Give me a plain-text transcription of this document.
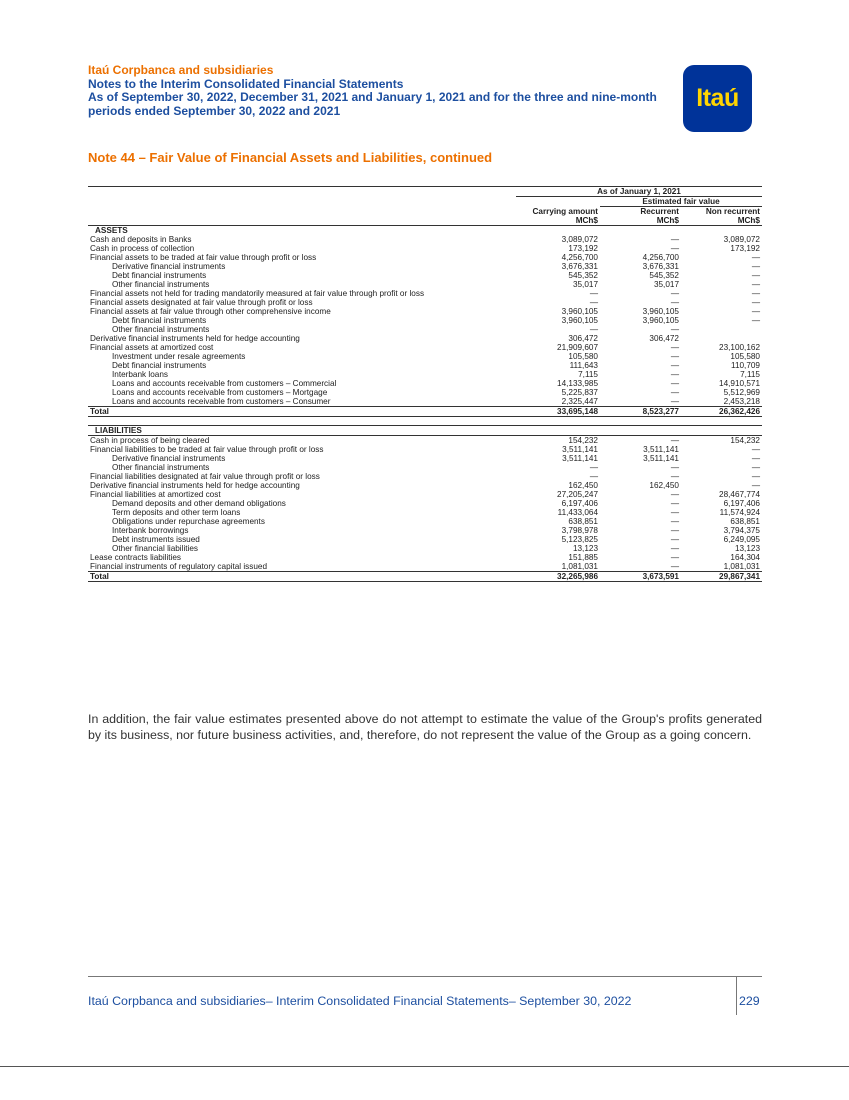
Itaú Corpbanca and subsidiaries
Notes to the Interim Consolidated Financial Statements
As of September 30, 2022, December 31, 2021 and January 1, 2021 and for the three and nine-month periods ended September 30, 2022 and 2021	Itaú
Note 44 – Fair Value of Financial Assets and Liabilities, continued
	As of January 1, 2021		
		Estimated fair value	
	Carrying amount	Recurrent	Non recurrent
	MCh$	MCh$	MCh$
ASSETS			
Cash and deposits in Banks	3,089,072	—	3,089,072
Cash in process of collection	173,192	—	173,192
Financial assets to be traded at fair value through profit or loss	4,256,700	4,256,700	—
Derivative financial instruments	3,676,331	3,676,331	—
Debt financial instruments	545,352	545,352	—
Other financial instruments	35,017	35,017	—
Financial assets not held for trading mandatorily measured at fair value through profit or loss	—	—	—
Financial assets designated at fair value through profit or loss	—	—	—
Financial assets at fair value through other comprehensive income	3,960,105	3,960,105	—
Debt financial instruments	3,960,105	3,960,105	—
Other financial instruments	—	—	
Derivative financial instruments held for hedge accounting	306,472	306,472	
Financial assets at amortized cost	21,909,607	—	23,100,162
Investment under resale agreements	105,580	—	105,580
Debt financial instruments	111,643	—	110,709
Interbank loans	7,115	—	7,115
Loans and accounts receivable from customers – Commercial	14,133,985	—	14,910,571
Loans and accounts receivable from customers – Mortgage	5,225,837	—	5,512,969
Loans and accounts receivable from customers – Consumer	2,325,447	—	2,453,218
Total	33,695,148	8,523,277	26,362,426

LIABILITIES			
Cash in process of being cleared	154,232	—	154,232
Financial liabilities to be traded at fair value through profit or loss	3,511,141	3,511,141	—
Derivative financial instruments	3,511,141	3,511,141	—
Other financial instruments	—	—	—
Financial liabilities designated at fair value through profit or loss	—	—	—
Derivative financial instruments held for hedge accounting	162,450	162,450	—
Financial liabilities at amortized cost	27,205,247	—	28,467,774
Demand deposits and other demand obligations	6,197,406	—	6,197,406
Term deposits and other term loans	11,433,064	—	11,574,924
Obligations under repurchase agreements	638,851	—	638,851
Interbank borrowings	3,798,978	—	3,794,375
Debt instruments issued	5,123,825	—	6,249,095
Other financial liabilities	13,123	—	13,123
Lease contracts liabilities	151,885	—	164,304
Financial instruments of regulatory capital issued	1,081,031	—	1,081,031
Total	32,265,986	3,673,591	29,867,341
In addition, the fair value estimates presented above do not attempt to estimate the value of the Group's profits generated by its business, nor future business activities, and, therefore, do not represent the value of the Group as a going concern.
Itaú Corpbanca and subsidiaries– Interim Consolidated Financial Statements– September 30, 2022	229
